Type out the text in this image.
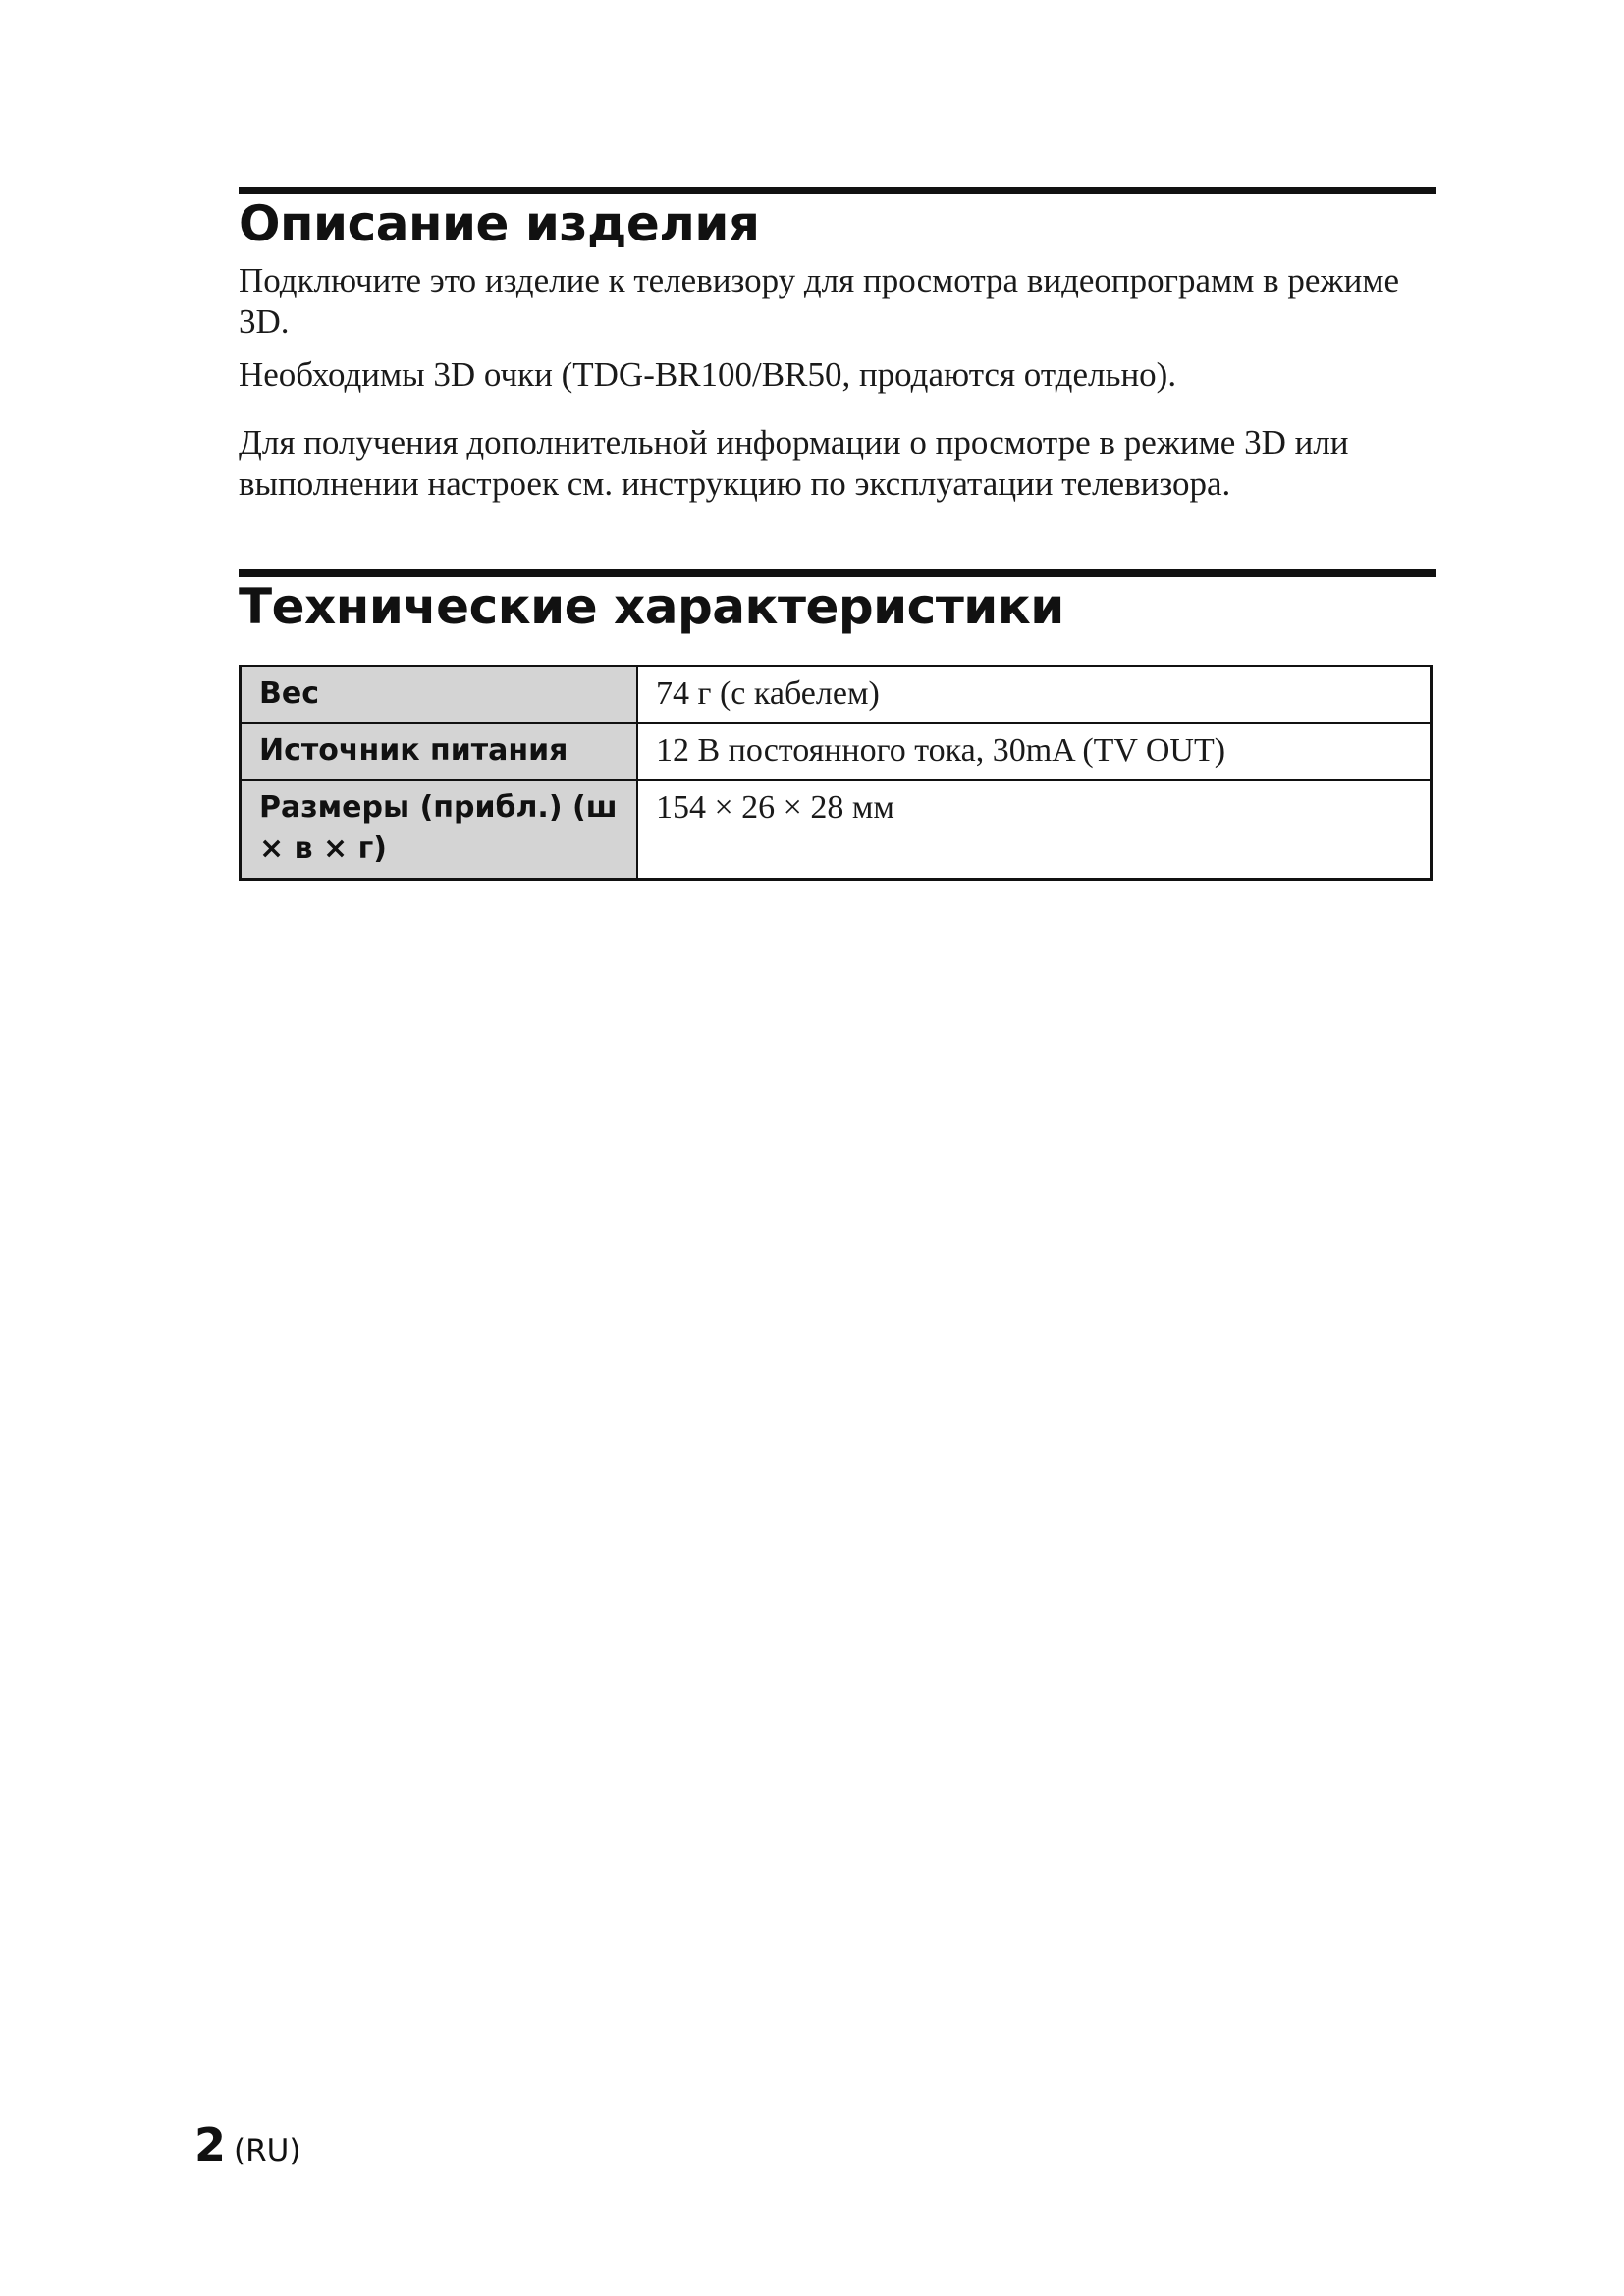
Описание изделия

Подключите это изделие к телевизору для просмотра видеопрограмм в режиме 3D.

Необходимы 3D очки (TDG-BR100/BR50, продаются отдельно).

Для получения дополнительной информации о просмотре в режиме 3D или выполнении настроек см. инструкцию по эксплуатации телевизора.

Технические характеристики
Вес	74 г (с кабелем)
Источник питания	12 В постоянного тока, 30mA (TV OUT)
Размеры (прибл.) (ш × в × г)	154 × 26 × 28 мм

2 (RU)
